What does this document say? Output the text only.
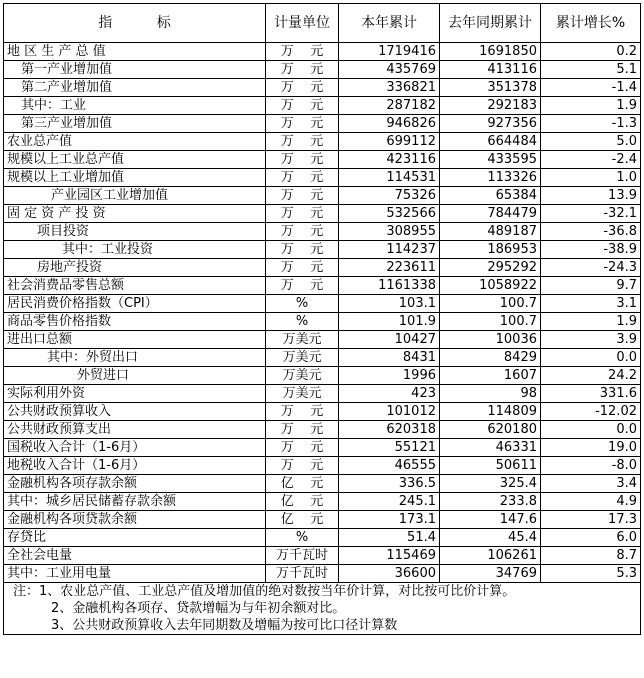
指          标	计量单位	本年累计	去年同期累计	累计增长%
地 区 生 产 总 值	万    元	1719416	1691850	0.2
第一产业增加值	万    元	435769	413116	5.1
第二产业增加值	万    元	336821	351378	-1.4
其中：工业	万    元	287182	292183	1.9
第三产业增加值	万    元	946826	927356	-1.3
农业总产值	万    元	699112	664484	5.0
规模以上工业总产值	万    元	423116	433595	-2.4
规模以上工业增加值	万    元	114531	113326	1.0
产业园区工业增加值	万    元	75326	65384	13.9
固 定 资 产 投 资	万    元	532566	784479	-32.1
项目投资	万    元	308955	489187	-36.8
其中：工业投资	万    元	114237	186953	-38.9
房地产投资	万    元	223611	295292	-24.3
社会消费品零售总额	万    元	1161338	1058922	9.7
居民消费价格指数（CPI）	%	103.1	100.7	3.1
商品零售价格指数	%	101.9	100.7	1.9
进出口总额	万美元	10427	10036	3.9
其中：外贸出口	万美元	8431	8429	0.0
外贸进口	万美元	1996	1607	24.2
实际利用外资	万美元	423	98	331.6
公共财政预算收入	万    元	101012	114809	-12.02
公共财政预算支出	万    元	620318	620180	0.0
国税收入合计（1-6月）	万    元	55121	46331	19.0
地税收入合计（1-6月）	万    元	46555	50611	-8.0
金融机构各项存款余额	亿    元	336.5	325.4	3.4
其中：城乡居民储蓄存款余额	亿    元	245.1	233.8	4.9
金融机构各项贷款余额	亿    元	173.1	147.6	17.3
存贷比	%	51.4	45.4	6.0
全社会电量	万千瓦时	115469	106261	8.7
其中：工业用电量	万千瓦时	36600	34769	5.3

注：1、农业总产值、工业总产值及增加值的绝对数按当年价计算，对比按可比价计算。
2、金融机构各项存、贷款增幅为与年初余额对比。
3、公共财政预算收入去年同期数及增幅为按可比口径计算数				
